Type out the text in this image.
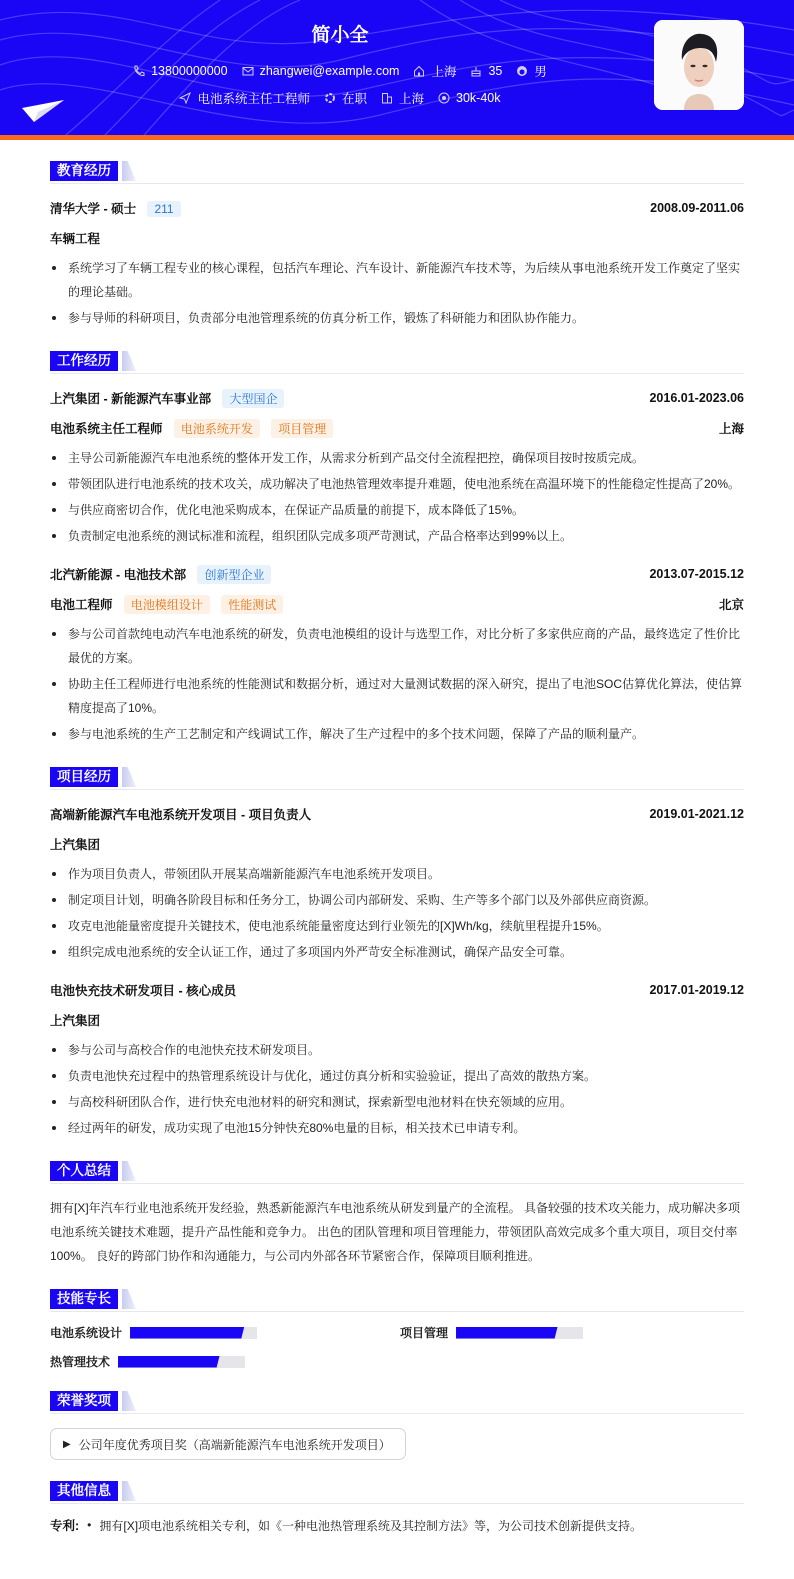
简小全
13800000000	zhangwei@example.com	上海	35	男
电池系统主任工程师	在职	上海	30k-40k
教育经历
清华大学 - 硕士 211	2008.09-2011.06
车辆工程
系统学习了车辆工程专业的核心课程，包括汽车理论、汽车设计、新能源汽车技术等，为后续从事电池系统开发工作奠定了坚实的理论基础。
参与导师的科研项目，负责部分电池管理系统的仿真分析工作，锻炼了科研能力和团队协作能力。
工作经历
上汽集团 - 新能源汽车事业部 大型国企	2016.01-2023.06
电池系统主任工程师 电池系统开发 项目管理	上海
主导公司新能源汽车电池系统的整体开发工作，从需求分析到产品交付全流程把控，确保项目按时按质完成。
带领团队进行电池系统的技术攻关，成功解决了电池热管理效率提升难题，使电池系统在高温环境下的性能稳定性提高了20%。
与供应商密切合作，优化电池采购成本，在保证产品质量的前提下，成本降低了15%。
负责制定电池系统的测试标准和流程，组织团队完成多项严苛测试，产品合格率达到99%以上。
北汽新能源 - 电池技术部 创新型企业	2013.07-2015.12
电池工程师 电池模组设计 性能测试	北京
参与公司首款纯电动汽车电池系统的研发，负责电池模组的设计与选型工作，对比分析了多家供应商的产品，最终选定了性价比最优的方案。
协助主任工程师进行电池系统的性能测试和数据分析，通过对大量测试数据的深入研究，提出了电池SOC估算优化算法，使估算精度提高了10%。
参与电池系统的生产工艺制定和产线调试工作，解决了生产过程中的多个技术问题，保障了产品的顺利量产。
项目经历
高端新能源汽车电池系统开发项目 - 项目负责人	2019.01-2021.12
上汽集团
作为项目负责人，带领团队开展某高端新能源汽车电池系统开发项目。
制定项目计划，明确各阶段目标和任务分工，协调公司内部研发、采购、生产等多个部门以及外部供应商资源。
攻克电池能量密度提升关键技术，使电池系统能量密度达到行业领先的[X]Wh/kg，续航里程提升15%。
组织完成电池系统的安全认证工作，通过了多项国内外严苛安全标准测试，确保产品安全可靠。
电池快充技术研发项目 - 核心成员	2017.01-2019.12
上汽集团
参与公司与高校合作的电池快充技术研发项目。
负责电池快充过程中的热管理系统设计与优化，通过仿真分析和实验验证，提出了高效的散热方案。
与高校科研团队合作，进行快充电池材料的研究和测试，探索新型电池材料在快充领域的应用。
经过两年的研发，成功实现了电池15分钟快充80%电量的目标，相关技术已申请专利。
个人总结

拥有[X]年汽车行业电池系统开发经验，熟悉新能源汽车电池系统从研发到量产的全流程。 具备较强的技术攻关能力，成功解决多项电池系统关键技术难题，提升产品性能和竞争力。 出色的团队管理和项目管理能力，带领团队高效完成多个重大项目，项目交付率100%。 良好的跨部门协作和沟通能力，与公司内外部各环节紧密合作，保障项目顺利推进。

技能专长
电池系统设计	项目管理
热管理技术
荣誉奖项
▶ 公司年度优秀项目奖（高端新能源汽车电池系统开发项目）
其他信息
专利: • 拥有[X]项电池系统相关专利，如《一种电池热管理系统及其控制方法》等，为公司技术创新提供支持。
